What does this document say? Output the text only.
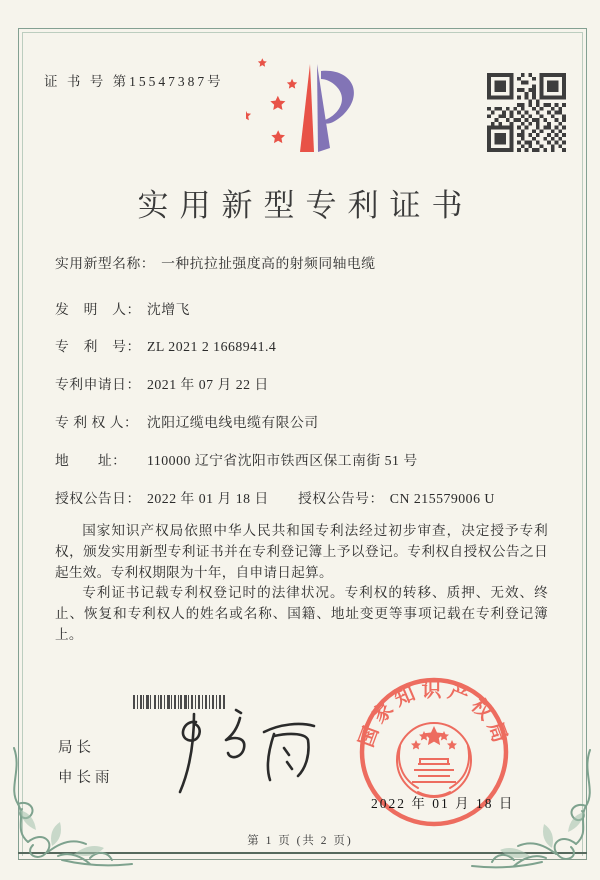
证 书 号 第15547387号
实用新型专利证书
实用新型名称： 一种抗拉扯强度高的射频同轴电缆
发　明　人： 沈增飞
专　利　号： ZL 2021 2 1668941.4
专利申请日： 2021 年 07 月 22 日
专 利 权 人： 沈阳辽缆电线电缆有限公司
地　　址： 110000 辽宁省沈阳市铁西区保工南街 51 号
授权公告日： 2022 年 01 月 18 日 授权公告号： CN 215579006 U

国家知识产权局依照中华人民共和国专利法经过初步审查，决定授予专利权，颁发实用新型专利证书并在专利登记簿上予以登记。专利权自授权公告之日起生效。专利权期限为十年，自申请日起算。

专利证书记载专利权登记时的法律状况。专利权的转移、质押、无效、终止、恢复和专利权人的姓名或名称、国籍、地址变更等事项记载在专利登记簿上。

局长
申长雨
国家知识产权局
2022 年 01 月 18 日
第 1 页 (共 2 页)
